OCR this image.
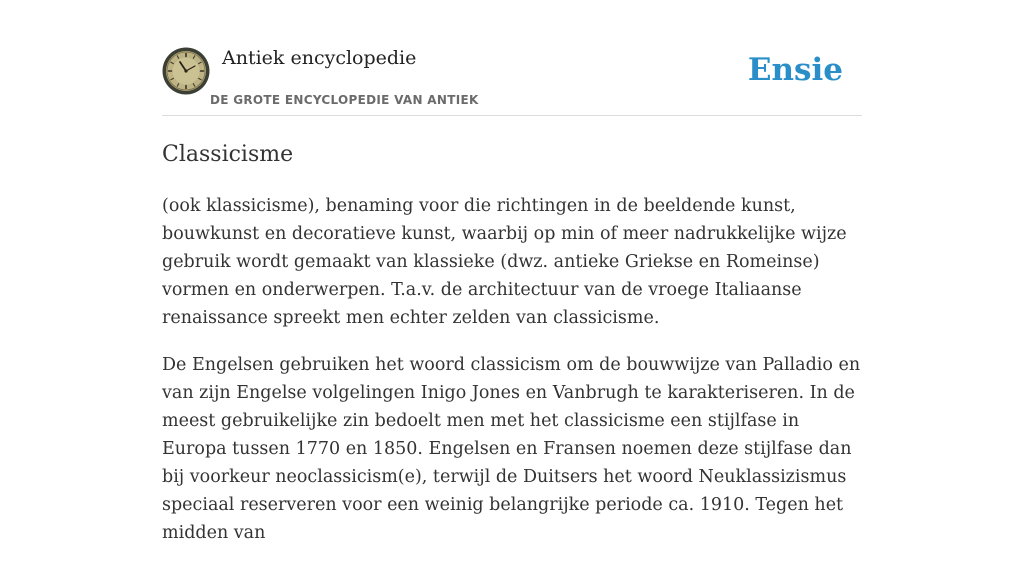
Antiek encyclopedie
DE GROTE ENCYCLOPEDIE VAN ANTIEK
Ensie
Classicisme

(ook klassicisme), benaming voor die richtingen in de beeldende kunst, bouwkunst en decoratieve kunst, waarbij op min of meer nadrukkelijke wijze gebruik wordt gemaakt van klassieke (dwz. antieke Griekse en Romeinse) vormen en onderwerpen. T.a.v. de architectuur van de vroege Italiaanse renaissance spreekt men echter zelden van classicisme.

De Engelsen gebruiken het woord classicism om de bouwwijze van Palladio en van zijn Engelse volgelingen Inigo Jones en Vanbrugh te karakteriseren. In de meest gebruikelijke zin bedoelt men met het classicisme een stijlfase in Europa tussen 1770 en 1850. Engelsen en Fransen noemen deze stijlfase dan bij voorkeur neoclassicism(e), terwijl de Duitsers het woord Neuklassizismus speciaal reserveren voor een weinig belangrijke periode ca. 1910. Tegen het midden van
